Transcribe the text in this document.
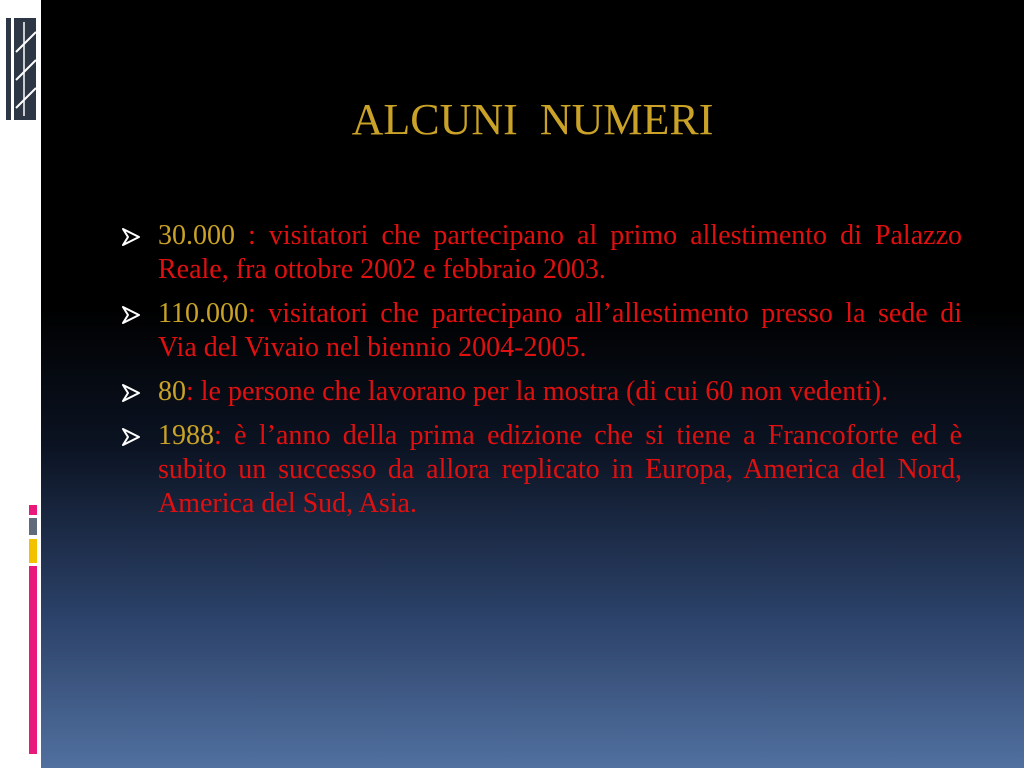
ALCUNI  NUMERI
30.000 : visitatori che partecipano al primo allestimento di Palazzo Reale, fra ottobre 2002 e febbraio 2003.
110.000: visitatori che partecipano all’allestimento presso la sede di Via del Vivaio nel biennio 2004-2005.
80: le persone che lavorano per la mostra (di cui 60 non vedenti).
1988: è l’anno della prima edizione che si tiene a Francoforte ed è subito un successo da allora replicato in Europa, America del Nord, America del Sud, Asia.
